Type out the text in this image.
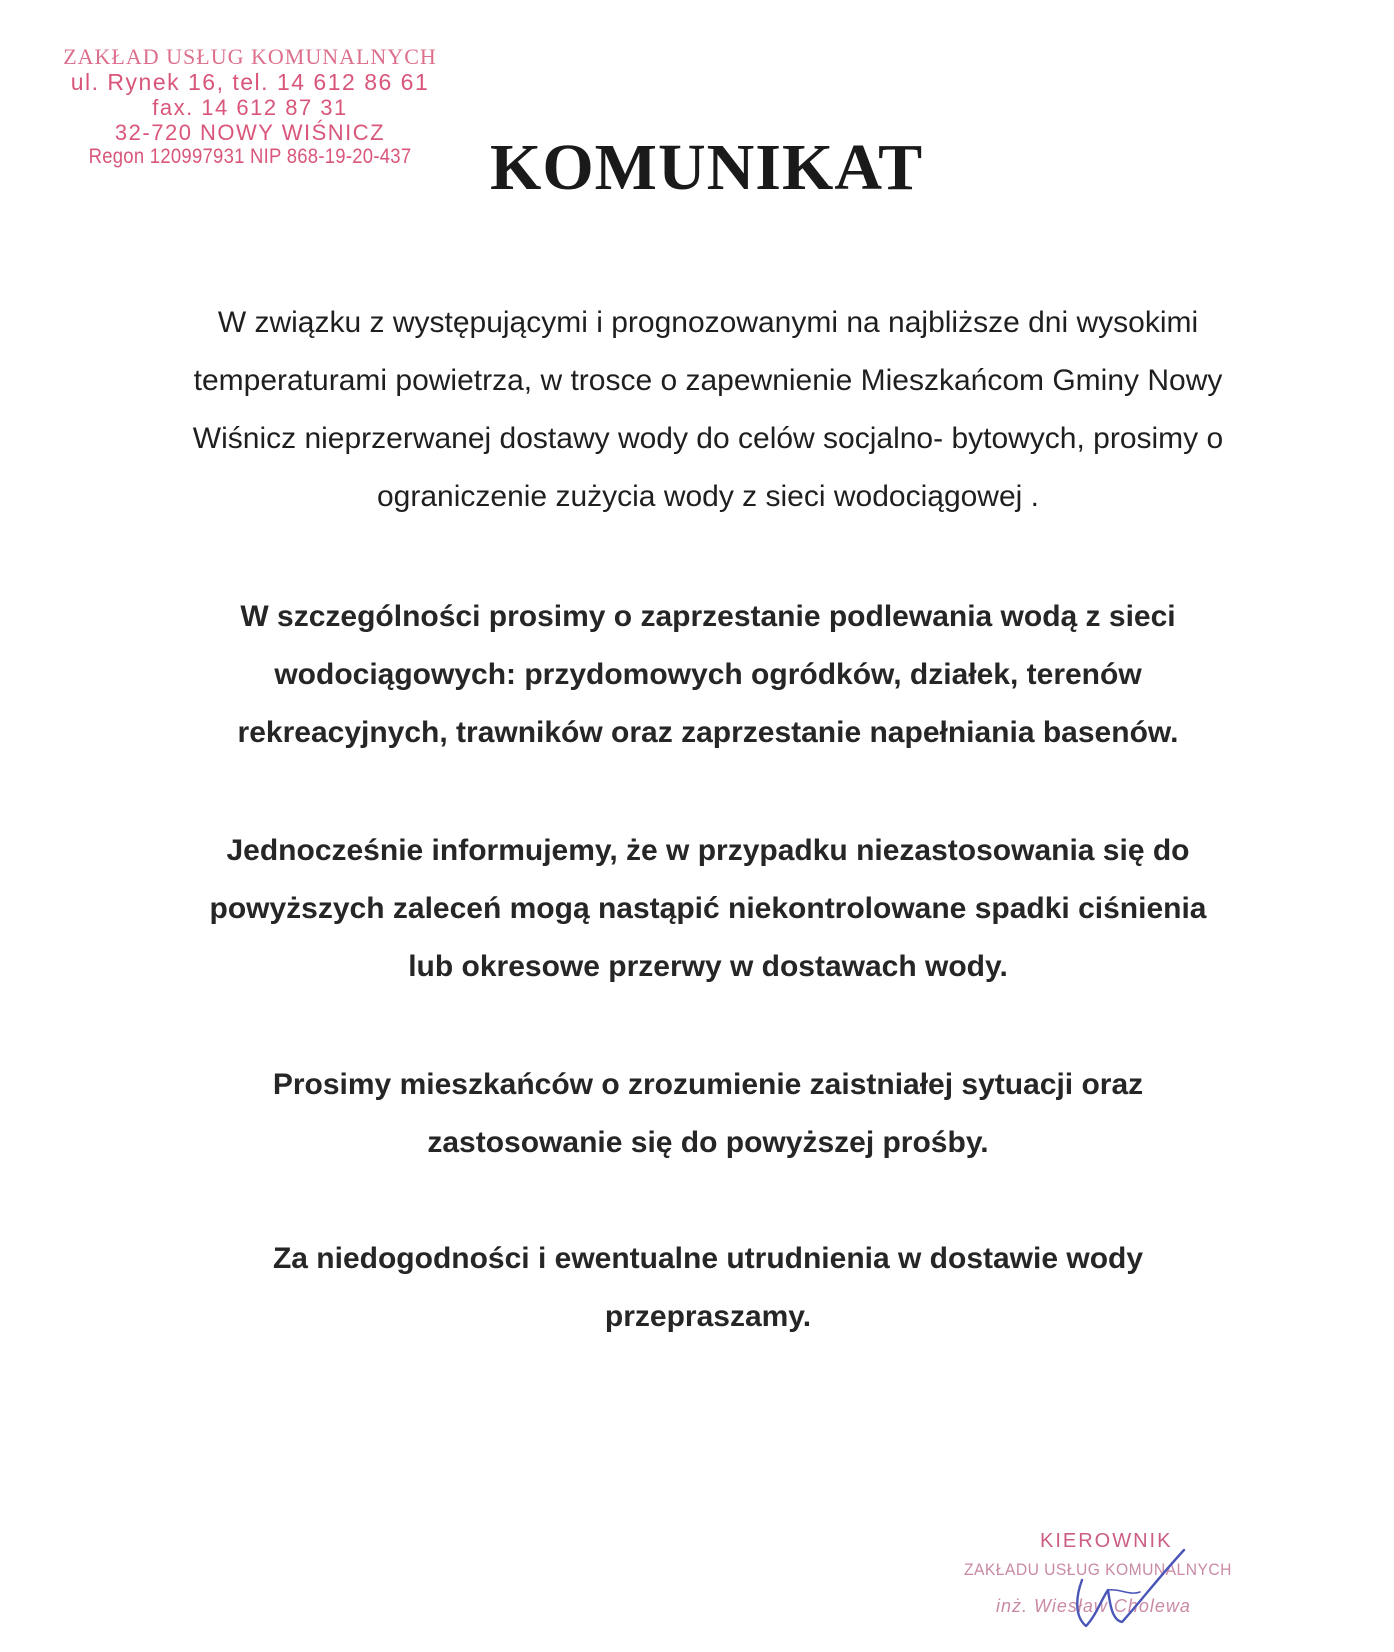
ZAKŁAD USŁUG KOMUNALNYCH
ul. Rynek 16, tel. 14 612 86 61
fax. 14 612 87 31
32-720 NOWY WIŚNICZ
Regon 120997931 NIP 868-19-20-437	KOMUNIKAT
W związku z występującymi i prognozowanymi na najbliższe dni wysokimi
temperaturami powietrza, w trosce o zapewnienie Mieszkańcom Gminy Nowy
Wiśnicz nieprzerwanej dostawy wody do celów socjalno- bytowych, prosimy o
ograniczenie zużycia wody z sieci wodociągowej .
W szczególności prosimy o zaprzestanie podlewania wodą z sieci
wodociągowych: przydomowych ogródków, działek, terenów
rekreacyjnych, trawników oraz zaprzestanie napełniania basenów.
Jednocześnie informujemy, że w przypadku niezastosowania się do
powyższych zaleceń mogą nastąpić niekontrolowane spadki ciśnienia
lub okresowe przerwy w dostawach wody.
Prosimy mieszkańców o zrozumienie zaistniałej sytuacji oraz
zastosowanie się do powyższej prośby.
Za niedogodności i ewentualne utrudnienia w dostawie wody
przepraszamy.
KIEROWNIK
ZAKŁADU USŁUG KOMUNALNYCH
inż. Wiesław Cholewa
